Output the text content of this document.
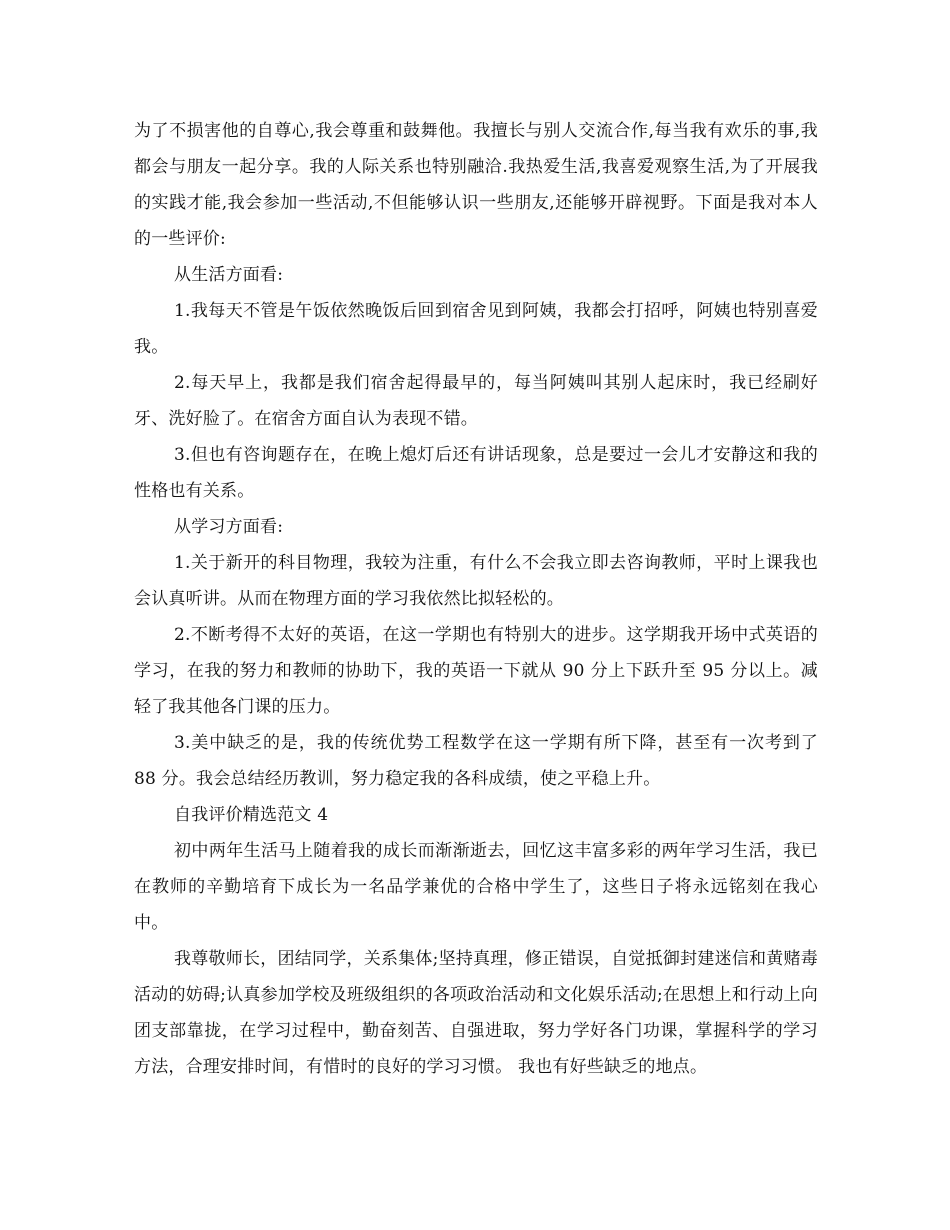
为了不损害他的自尊心,我会尊重和鼓舞他。我擅长与别人交流合作,每当我有欢乐的事,我都会与朋友一起分享。我的人际关系也特别融洽.我热爱生活,我喜爱观察生活,为了开展我的实践才能,我会参加一些活动,不但能够认识一些朋友,还能够开辟视野。下面是我对本人的一些评价:

从生活方面看:

1.我每天不管是午饭依然晚饭后回到宿舍见到阿姨，我都会打招呼，阿姨也特别喜爱我。

2.每天早上，我都是我们宿舍起得最早的，每当阿姨叫其别人起床时，我已经刷好牙、洗好脸了。在宿舍方面自认为表现不错。

3.但也有咨询题存在，在晚上熄灯后还有讲话现象，总是要过一会儿才安静这和我的性格也有关系。

从学习方面看:

1.关于新开的科目物理，我较为注重，有什么不会我立即去咨询教师，平时上课我也会认真听讲。从而在物理方面的学习我依然比拟轻松的。

2.不断考得不太好的英语，在这一学期也有特别大的进步。这学期我开场中式英语的学习，在我的努力和教师的协助下，我的英语一下就从 90 分上下跃升至 95 分以上。减轻了我其他各门课的压力。

3.美中缺乏的是，我的传统优势工程数学在这一学期有所下降，甚至有一次考到了 88 分。我会总结经历教训，努力稳定我的各科成绩，使之平稳上升。

自我评价精选范文 4

初中两年生活马上随着我的成长而渐渐逝去，回忆这丰富多彩的两年学习生活，我已在教师的辛勤培育下成长为一名品学兼优的合格中学生了，这些日子将永远铭刻在我心中。

我尊敬师长，团结同学，关系集体;坚持真理，修正错误，自觉抵御封建迷信和黄赌毒活动的妨碍;认真参加学校及班级组织的各项政治活动和文化娱乐活动;在思想上和行动上向团支部靠拢，在学习过程中，勤奋刻苦、自强进取，努力学好各门功课，掌握科学的学习方法，合理安排时间，有惜时的良好的学习习惯。 我也有好些缺乏的地点。
